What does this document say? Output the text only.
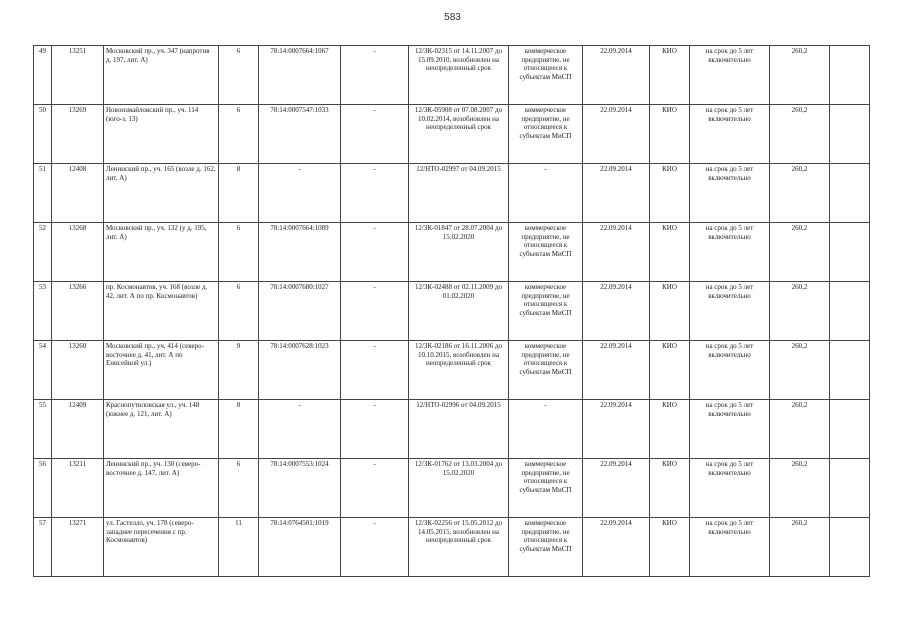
583
49	13251	Московский пр., уч. 347 (напротив д. 197, лит. А)	6	78:14:0007664:1067	-	12/ЗК-02315 от 14.11.2007 до 15.09.2010, возобновлен на неопределенный срок	коммерческое предприятие, не относящееся к субъектам МиСП	22.09.2014	КИО	на срок до 5 лет включительно	260,2	
50	13269	Новоизмайловский пр., уч. 114 (юго-з. 13)	6	78:14:0007547:1033	-	12/ЗК-05908 от 07.08.2007 до 10.02.2014, возобновлен на неопределенный срок	коммерческое предприятие, не относящееся к субъектам МиСП	22.09.2014	КИО	на срок до 5 лет включительно	260,2	
51	12408	Ленинский пр., уч. 165 (возле д. 162, лит. А)	8	-	-	12/НТО-02997 от 04.09.2015	-	22.09.2014	КИО	на срок до 5 лет включительно	260,2	
52	13268	Московский пр., уч. 132 (у д. 195, лит. А)	6	78:14:0007664:1089	-	12/ЗК-01847 от 28.07.2004 до 15.02.2020	коммерческое предприятие, не относящееся к субъектам МиСП	22.09.2014	КИО	на срок до 5 лет включительно	260,2	
53	13266	пр. Космонавтов, уч. 168 (возле д. 42, лит. А по пр. Космонавтов)	6	78:14:0007680:1027	-	12/ЗК-02488 от 02.11.2009 до 01.02.2020	коммерческое предприятие, не относящееся к субъектам МиСП	22.09.2014	КИО	на срок до 5 лет включительно	260,2	
54	13260	Московский пр., уч. 414 (северо-восточнее д. 41, лит. А по Енисейной ул.)	9	78:14:0007628:1023	-	12/ЗК-02186 от 16.11.2006 до 10.10.2015, возобновлен на неопределенный срок	коммерческое предприятие, не относящееся к субъектам МиСП	22.09.2014	КИО	на срок до 5 лет включительно	260,2	
55	12409	Краснопутиловская ул., уч. 148 (южнее д. 121, лит. А)	8	-	-	12/НТО-02996 от 04.09.2015	-	22.09.2014	КИО	на срок до 5 лет включительно	260,2	
56	13211	Ленинский пр., уч. 130 (северо-восточнее д. 147, лит. А)	6	78:14:0007553:1024	-	12/ЗК-01762 от 13.03.2004 до 15.02.2020	коммерческое предприятие, не относящееся к субъектам МиСП	22.09.2014	КИО	на срок до 5 лет включительно	260,2	
57	13271	ул. Гастелло, уч. 178 (северо-западнее пересечения с пр. Космонавтов)	11	78:14:0764501:1019	-	12/ЗК-02256 от 15.05.2012 до 14.05.2015, возобновлен на неопределенный срок	коммерческое предприятие, не относящееся к субъектам МиСП	22.09.2014	КИО	на срок до 5 лет включительно	260,2	
